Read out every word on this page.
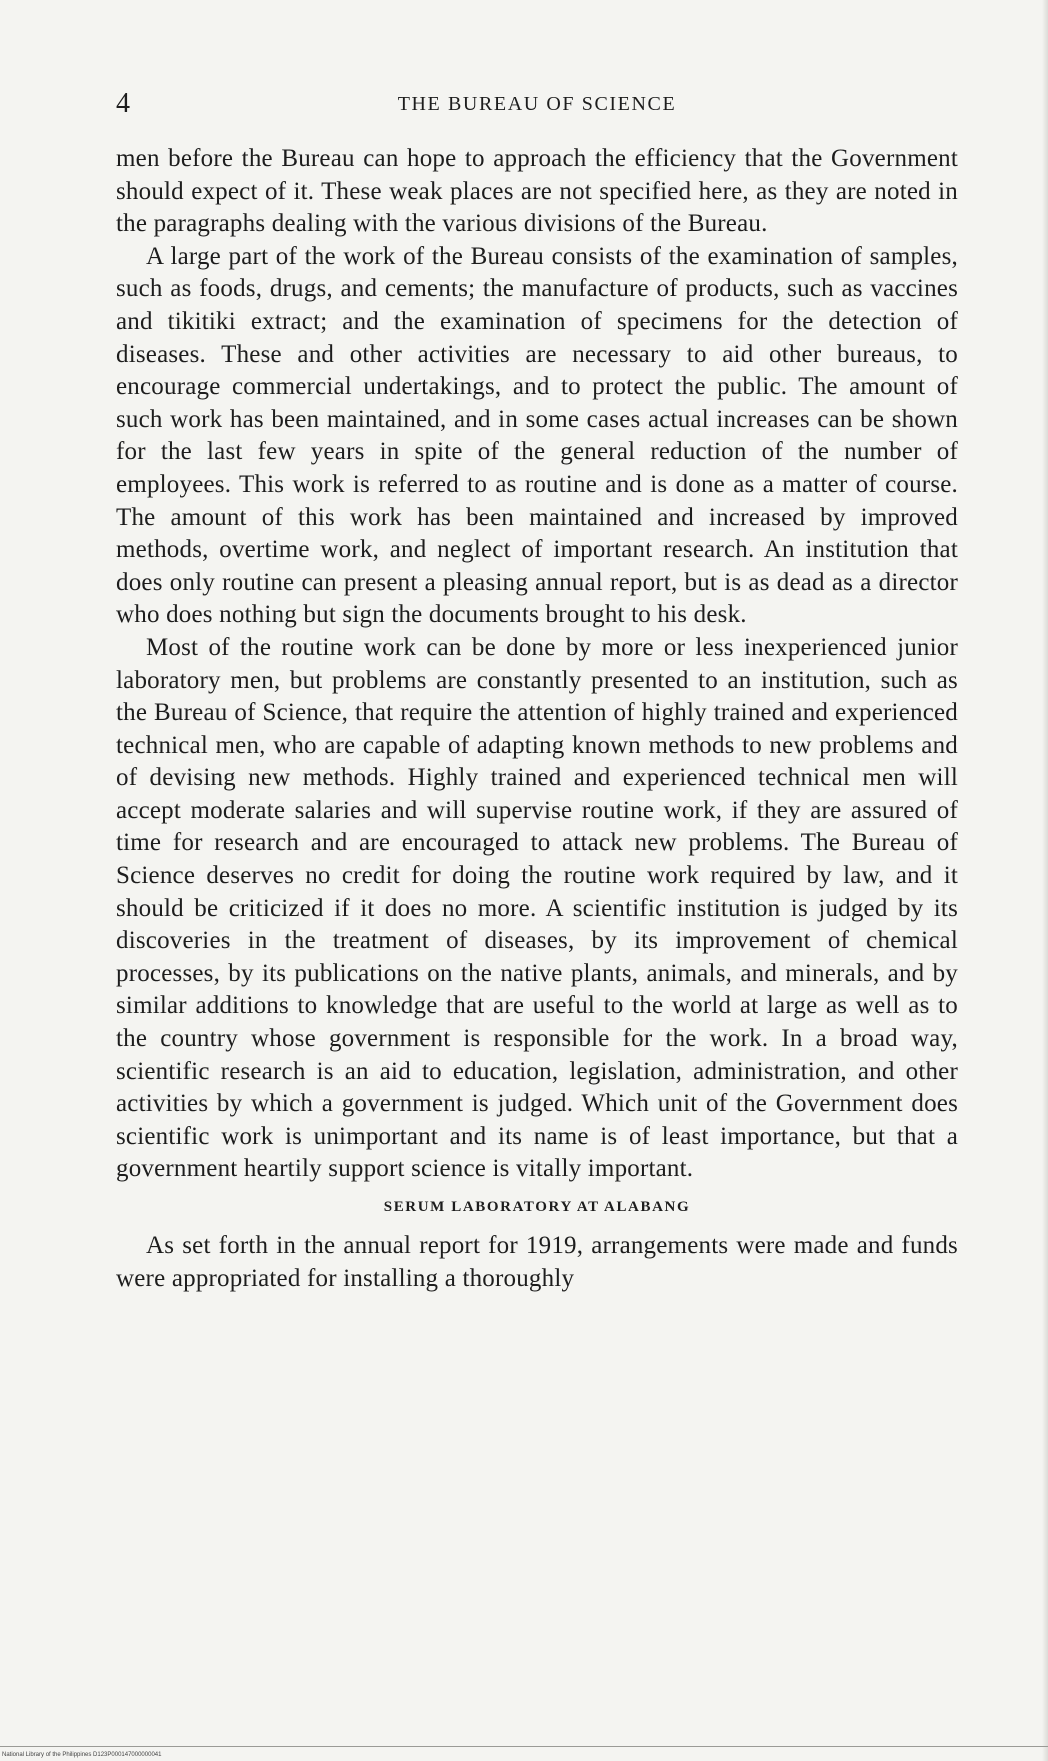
4	THE BUREAU OF SCIENCE

men before the Bureau can hope to approach the efficiency that the Government should expect of it. These weak places are not specified here, as they are noted in the paragraphs dealing with the various divisions of the Bureau.

A large part of the work of the Bureau consists of the examination of samples, such as foods, drugs, and cements; the manufacture of products, such as vaccines and tikitiki extract; and the examination of specimens for the detection of diseases. These and other activities are necessary to aid other bureaus, to encourage commercial undertakings, and to protect the public. The amount of such work has been maintained, and in some cases actual increases can be shown for the last few years in spite of the general reduction of the number of employees. This work is referred to as routine and is done as a matter of course. The amount of this work has been maintained and increased by improved methods, overtime work, and neglect of important research. An institution that does only routine can present a pleasing annual report, but is as dead as a director who does nothing but sign the documents brought to his desk.

Most of the routine work can be done by more or less inexperienced junior laboratory men, but problems are constantly presented to an institution, such as the Bureau of Science, that require the attention of highly trained and experienced technical men, who are capable of adapting known methods to new problems and of devising new methods. Highly trained and experienced technical men will accept moderate salaries and will supervise routine work, if they are assured of time for research and are encouraged to attack new problems. The Bureau of Science deserves no credit for doing the routine work required by law, and it should be criticized if it does no more. A scientific institution is judged by its discoveries in the treatment of diseases, by its improvement of chemical processes, by its publications on the native plants, animals, and minerals, and by similar additions to knowledge that are useful to the world at large as well as to the country whose government is responsible for the work. In a broad way, scientific research is an aid to education, legislation, administration, and other activities by which a government is judged. Which unit of the Government does scientific work is unimportant and its name is of least importance, but that a government heartily support science is vitally important.

SERUM LABORATORY AT ALABANG

As set forth in the annual report for 1919, arrangements were made and funds were appropriated for installing a thoroughly

National Library of the Philippines D123P000147000000041
